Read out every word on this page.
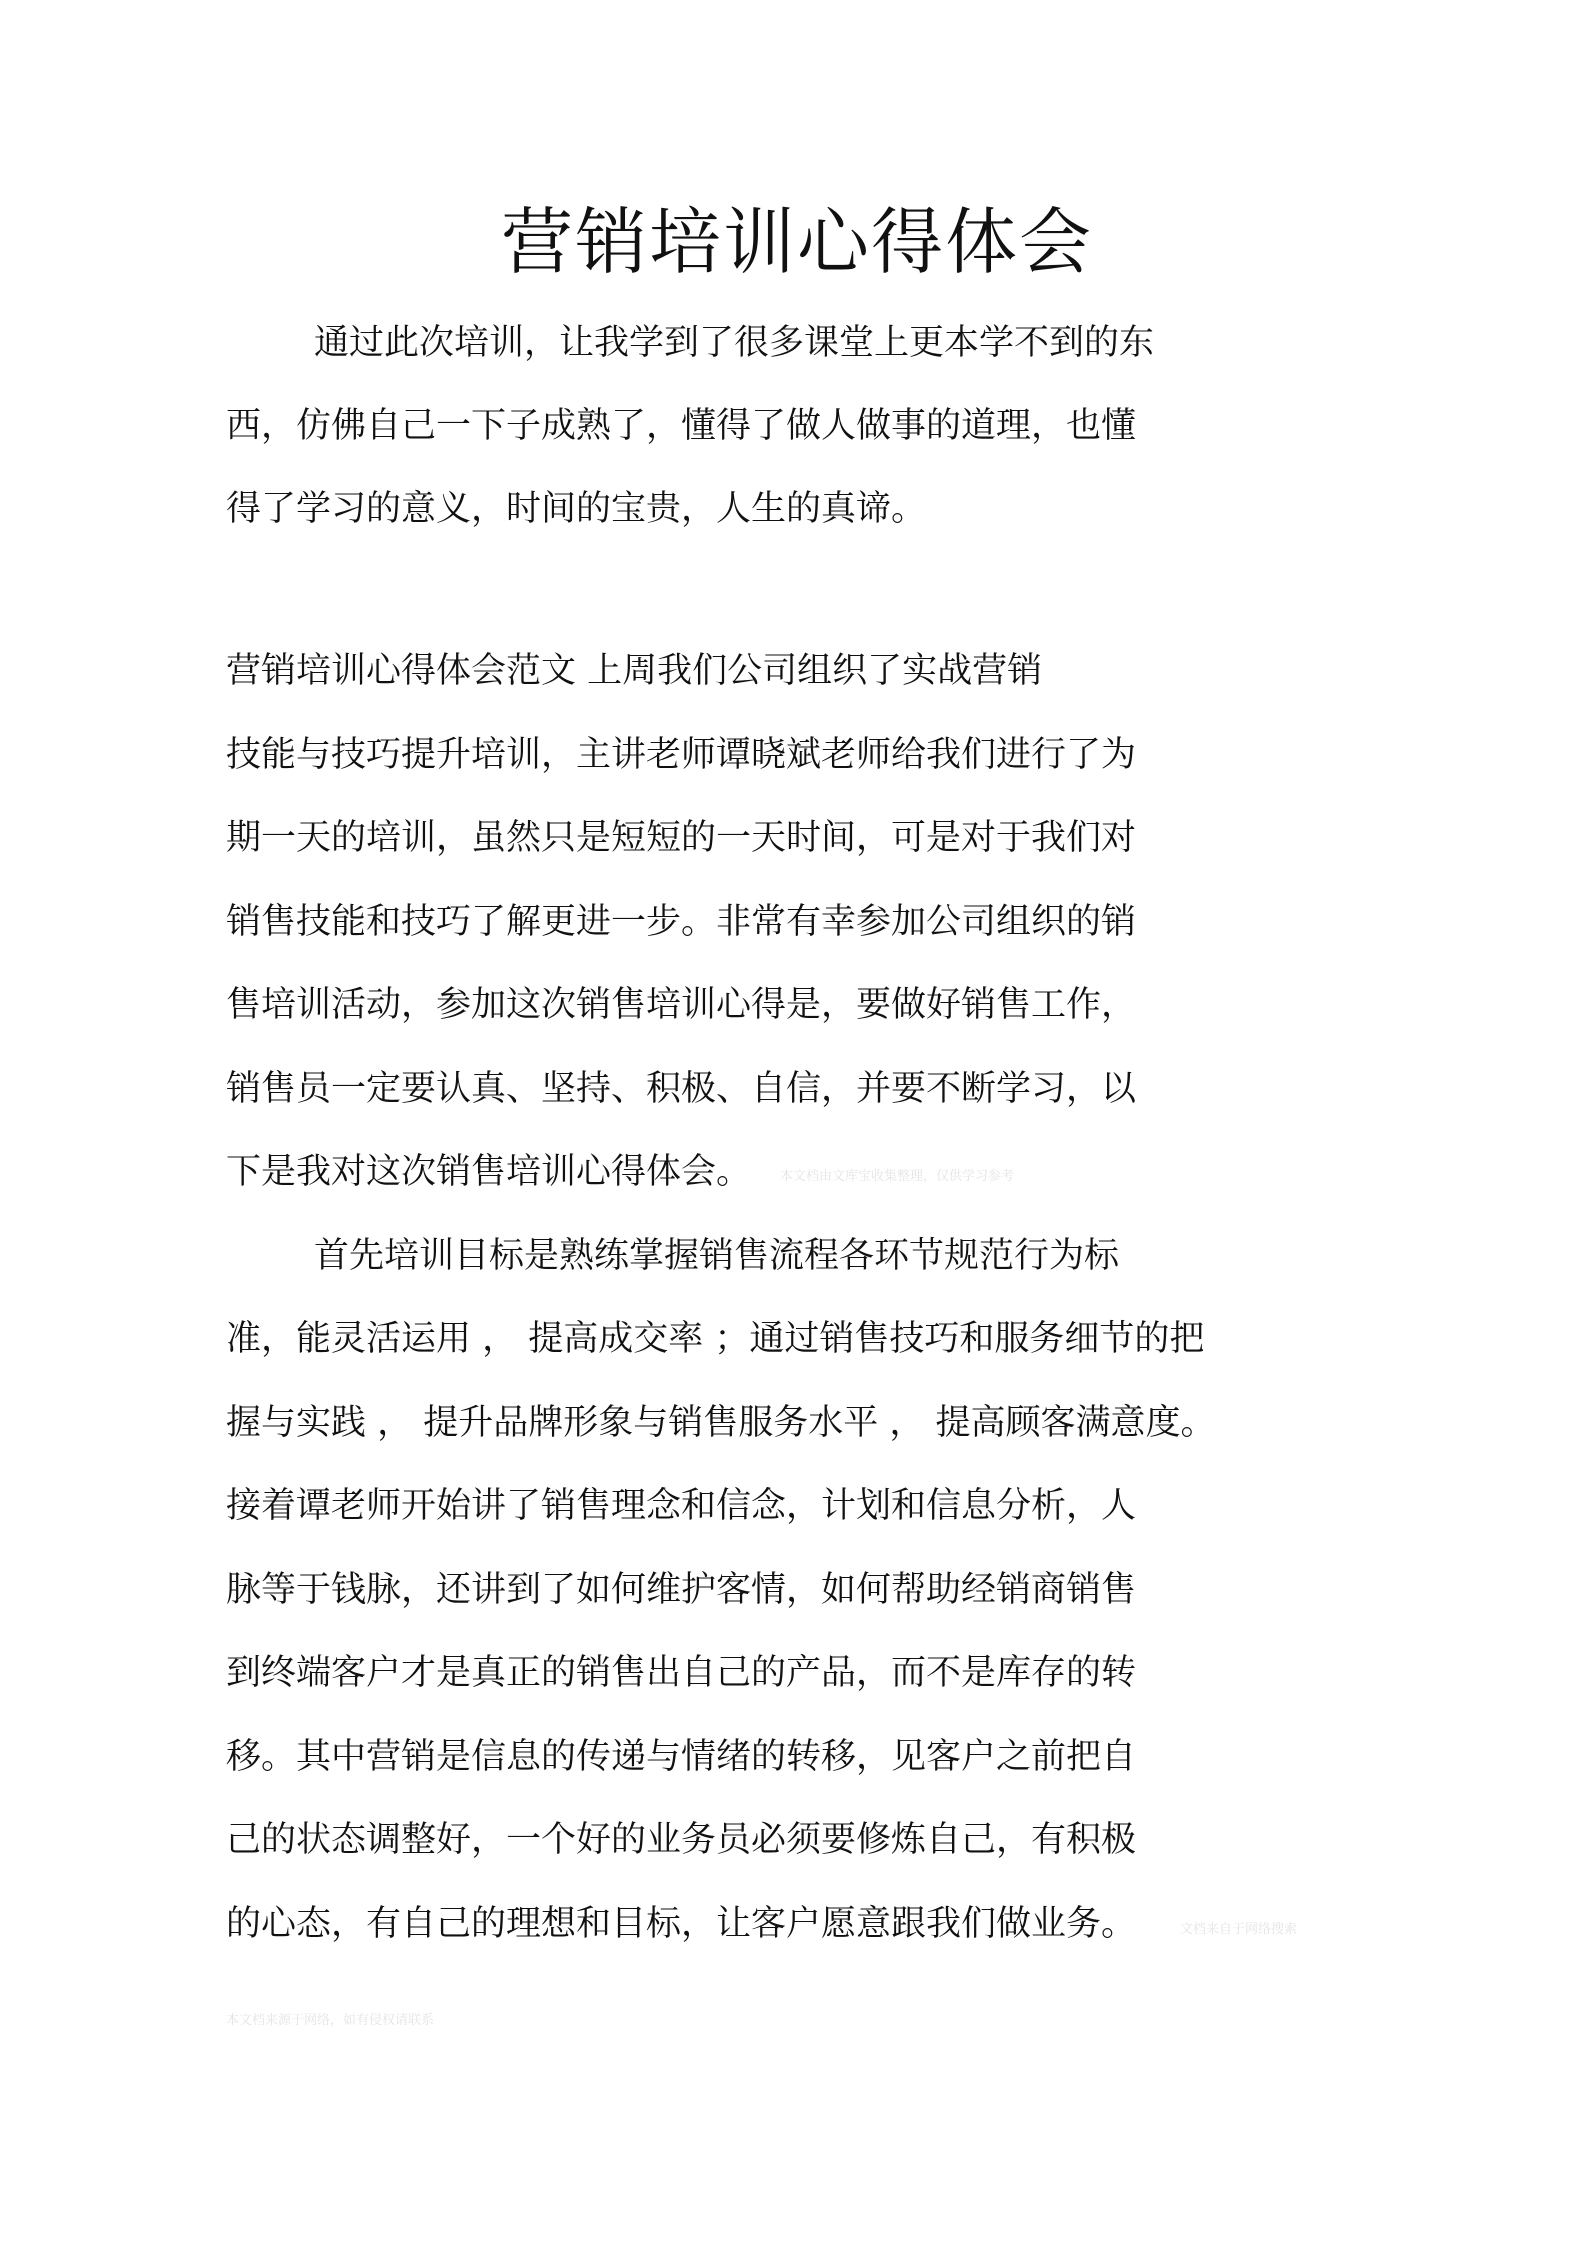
营销培训心得体会
通过此次培训，让我学到了很多课堂上更本学不到的东
西，仿佛自己一下子成熟了，懂得了做人做事的道理，也懂
得了学习的意义，时间的宝贵，人生的真谛。
营销培训心得体会范文 上周我们公司组织了实战营销
技能与技巧提升培训，主讲老师谭晓斌老师给我们进行了为
期一天的培训，虽然只是短短的一天时间，可是对于我们对
销售技能和技巧了解更进一步。非常有幸参加公司组织的销
售培训活动，参加这次销售培训心得是，要做好销售工作，
销售员一定要认真、坚持、积极、自信，并要不断学习，以
下是我对这次销售培训心得体会。
首先培训目标是熟练掌握销售流程各环节规范行为标
准，能灵活运用 ， 提高成交率 ；通过销售技巧和服务细节的把
握与实践 ， 提升品牌形象与销售服务水平 ， 提高顾客满意度。
接着谭老师开始讲了销售理念和信念，计划和信息分析，人
脉等于钱脉，还讲到了如何维护客情，如何帮助经销商销售
到终端客户才是真正的销售出自己的产品，而不是库存的转
移。其中营销是信息的传递与情绪的转移，见客户之前把自
己的状态调整好，一个好的业务员必须要修炼自己，有积极
的心态，有自己的理想和目标，让客户愿意跟我们做业务。
本文档由文库宝收集整理，仅供学习参考
文档来自于网络搜索
本文档来源于网络，如有侵权请联系
